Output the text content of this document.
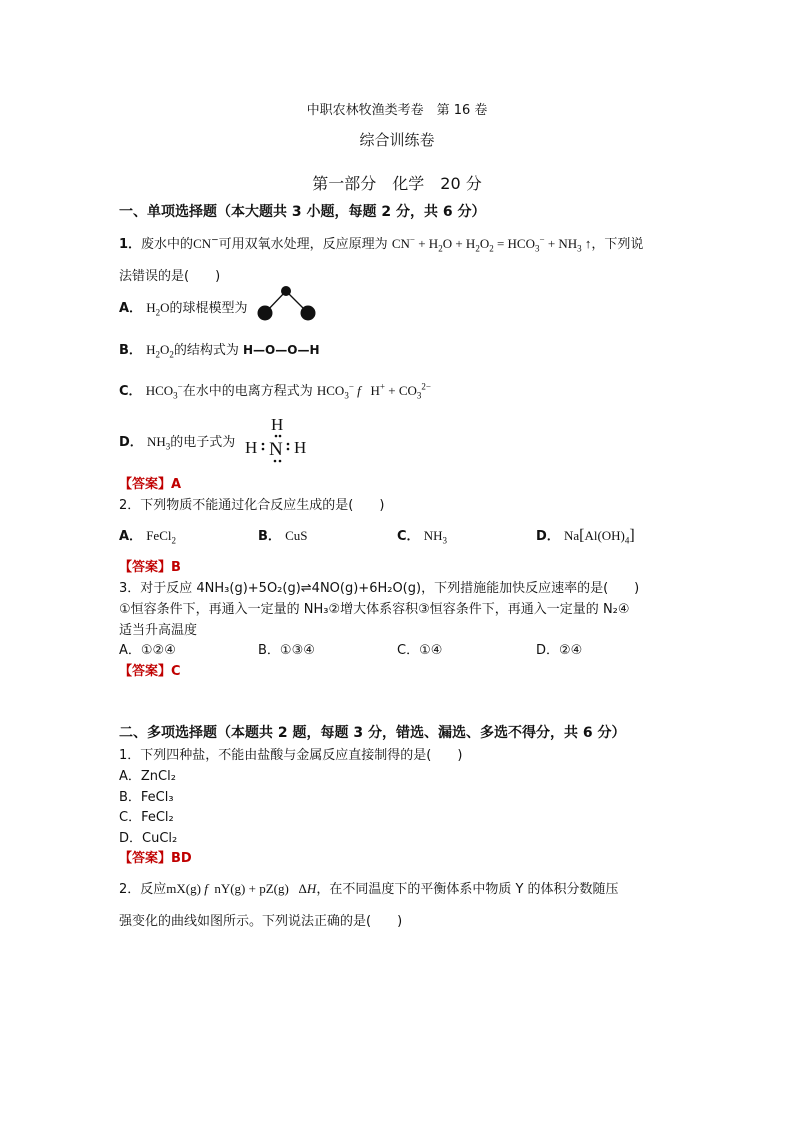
中职农林牧渔类考卷　第 16 卷
综合训练卷
第一部分　化学　20 分
一、单项选择题（本大题共 3 小题，每题 2 分，共 6 分）
1．废水中的CN−可用双氧水处理，反应原理为 $CN^- + H_2O + H_2O_2 = HCO_3^- + NH_3$ ↑，下列说
法错误的是(　　)
A． $H_2O$的球棍模型为
B． $H_2O_2$的结构式为 H—O—O—H
C． $HCO_3^-$在水中的电离方程式为 $HCO_3^-$ f   $H^+ + CO_3^{2-}$
D． $NH_3$的电子式为
H
H N H
【答案】A
2．下列物质不能通过化合反应生成的是(　　)
A． FeCl$_2$	B． CuS	C． $NH_3$	D． $Na[Al(OH)_4]$
【答案】B
3．对于反应 4NH₃(g)+5O₂(g)⇌4NO(g)+6H₂O(g)，下列措施能加快反应速率的是(　　)
①恒容条件下，再通入一定量的 NH₃②增大体系容积③恒容条件下，再通入一定量的 N₂④
适当升高温度
A．①②④	B．①③④	C．①④	D．②④
【答案】C
二、多项选择题（本题共 2 题，每题 3 分，错选、漏选、多选不得分，共 6 分）
1．下列四种盐，不能由盐酸与金属反应直接制得的是(　　)
A．ZnCl₂
B．FeCl₃
C．FeCl₂
D．CuCl₂
【答案】BD
2．反应mX(g) f  nY(g) + pZ(g)   ΔH，在不同温度下的平衡体系中物质 Y 的体积分数随压
强变化的曲线如图所示。下列说法正确的是(　　)
